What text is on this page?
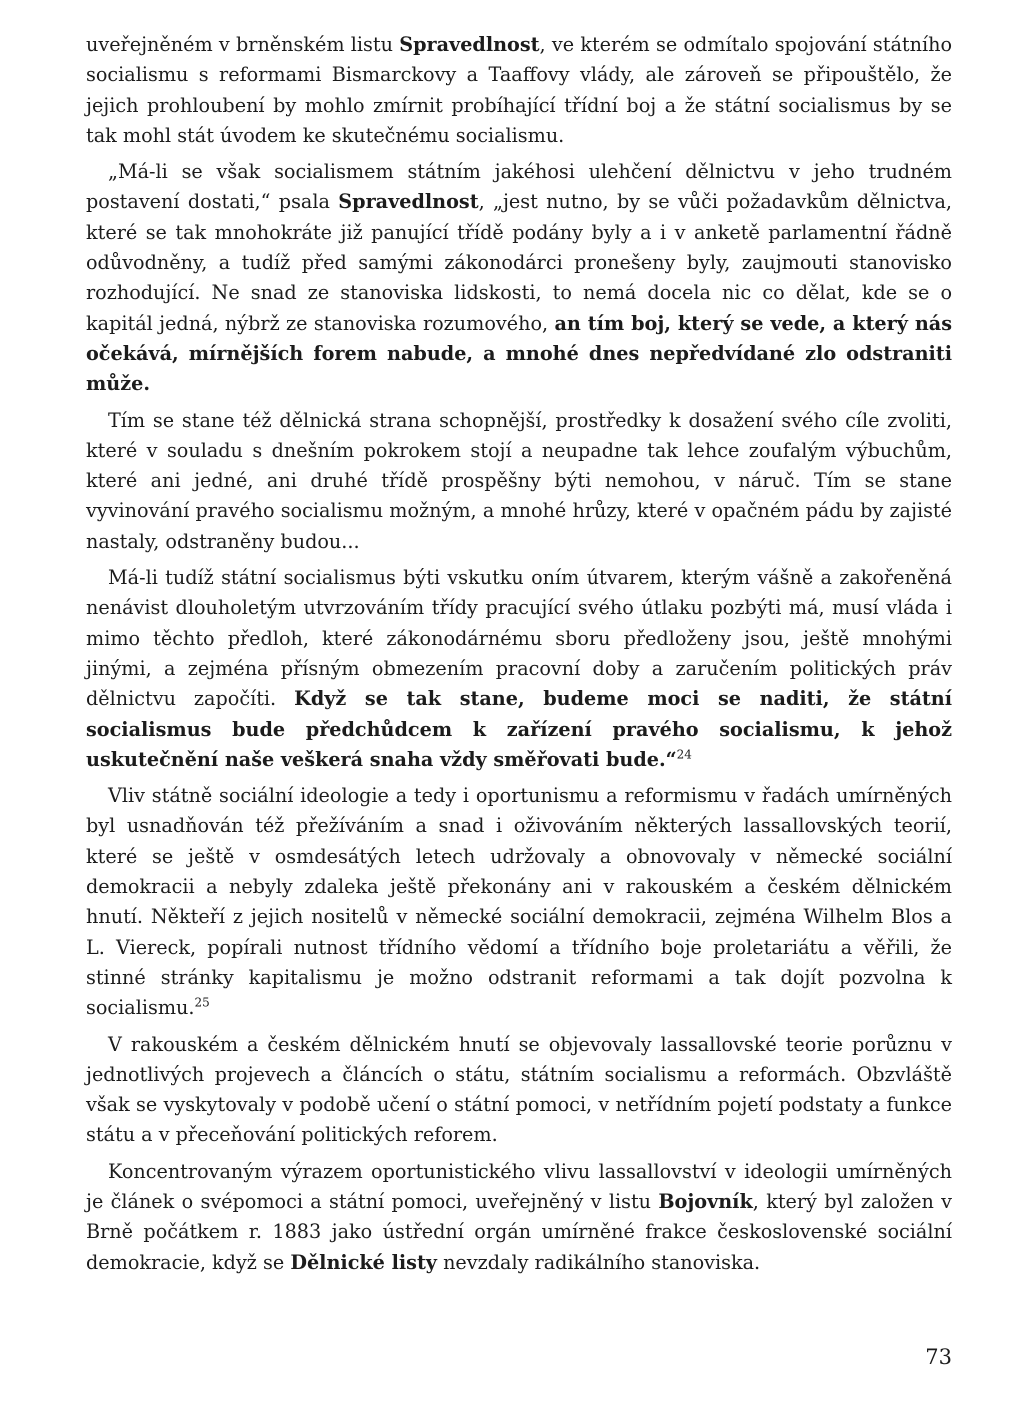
uveřejněném v brněnském listu Spravedlnost, ve kterém se odmítalo spojování státního socialismu s reformami Bismarckovy a Taaffovy vlády, ale zároveň se připouštělo, že jejich prohloubení by mohlo zmírnit probíhající třídní boj a že státní socialismus by se tak mohl stát úvodem ke skutečnému socialismu.

„Má-li se však socialismem státním jakéhosi ulehčení dělnictvu v jeho trudném postavení dostati,“ psala Spravedlnost, „jest nutno, by se vůči požadavkům dělnictva, které se tak mnohokráte již panující třídě podány byly a i v anketě parlamentní řádně odůvodněny, a tudíž před samými zákonodárci pronešeny byly, zaujmouti stanovisko rozhodující. Ne snad ze stanoviska lidskosti, to nemá docela nic co dělat, kde se o kapitál jedná, nýbrž ze stanoviska rozumového, an tím boj, který se vede, a který nás očekává, mírnějších forem nabude, a mnohé dnes nepředvídané zlo odstraniti může.

Tím se stane též dělnická strana schopnější, prostředky k dosažení svého cíle zvoliti, které v souladu s dnešním pokrokem stojí a neupadne tak lehce zoufalým výbuchům, které ani jedné, ani druhé třídě prospěšny býti nemohou, v náruč. Tím se stane vyvinování pravého socialismu možným, a mnohé hrůzy, které v opačném pádu by zajisté nastaly, odstraněny budou...

Má-li tudíž státní socialismus býti vskutku oním útvarem, kterým vášně a zakořeněná nenávist dlouholetým utvrzováním třídy pracující svého útlaku pozbýti má, musí vláda i mimo těchto předloh, které zákonodárnému sboru předloženy jsou, ještě mnohými jinými, a zejména přísným obmezením pracovní doby a zaručením politických práv dělnictvu započíti. Když se tak stane, budeme moci se naditi, že státní socialismus bude předchůdcem k zařízení pravého socialismu, k jehož uskutečnění naše veškerá snaha vždy směřovati bude.“$^{24}$

Vliv státně sociální ideologie a tedy i oportunismu a reformismu v řadách umírněných byl usnadňován též přežíváním a snad i oživováním některých lassallovských teorií, které se ještě v osmdesátých letech udržovaly a obnovovaly v německé sociální demokracii a nebyly zdaleka ještě překonány ani v rakouském a českém dělnickém hnutí. Někteří z jejich nositelů v německé sociální demokracii, zejména Wilhelm Blos a L. Viereck, popírali nutnost třídního vědomí a třídního boje proletariátu a věřili, že stinné stránky kapitalismu je možno odstranit reformami a tak dojít pozvolna k socialismu.$^{25}$

V rakouském a českém dělnickém hnutí se objevovaly lassallovské teorie porůznu v jednotlivých projevech a článcích o státu, státním socialismu a reformách. Obzvláště však se vyskytovaly v podobě učení o státní pomoci, v netřídním pojetí podstaty a funkce státu a v přeceňování politických reforem.

Koncentrovaným výrazem oportunistického vlivu lassallovství v ideologii umírněných je článek o svépomoci a státní pomoci, uveřejněný v listu Bojovník, který byl založen v Brně počátkem r. 1883 jako ústřední orgán umírněné frakce československé sociální demokracie, když se Dělnické listy nevzdaly radikálního stanoviska.

73
